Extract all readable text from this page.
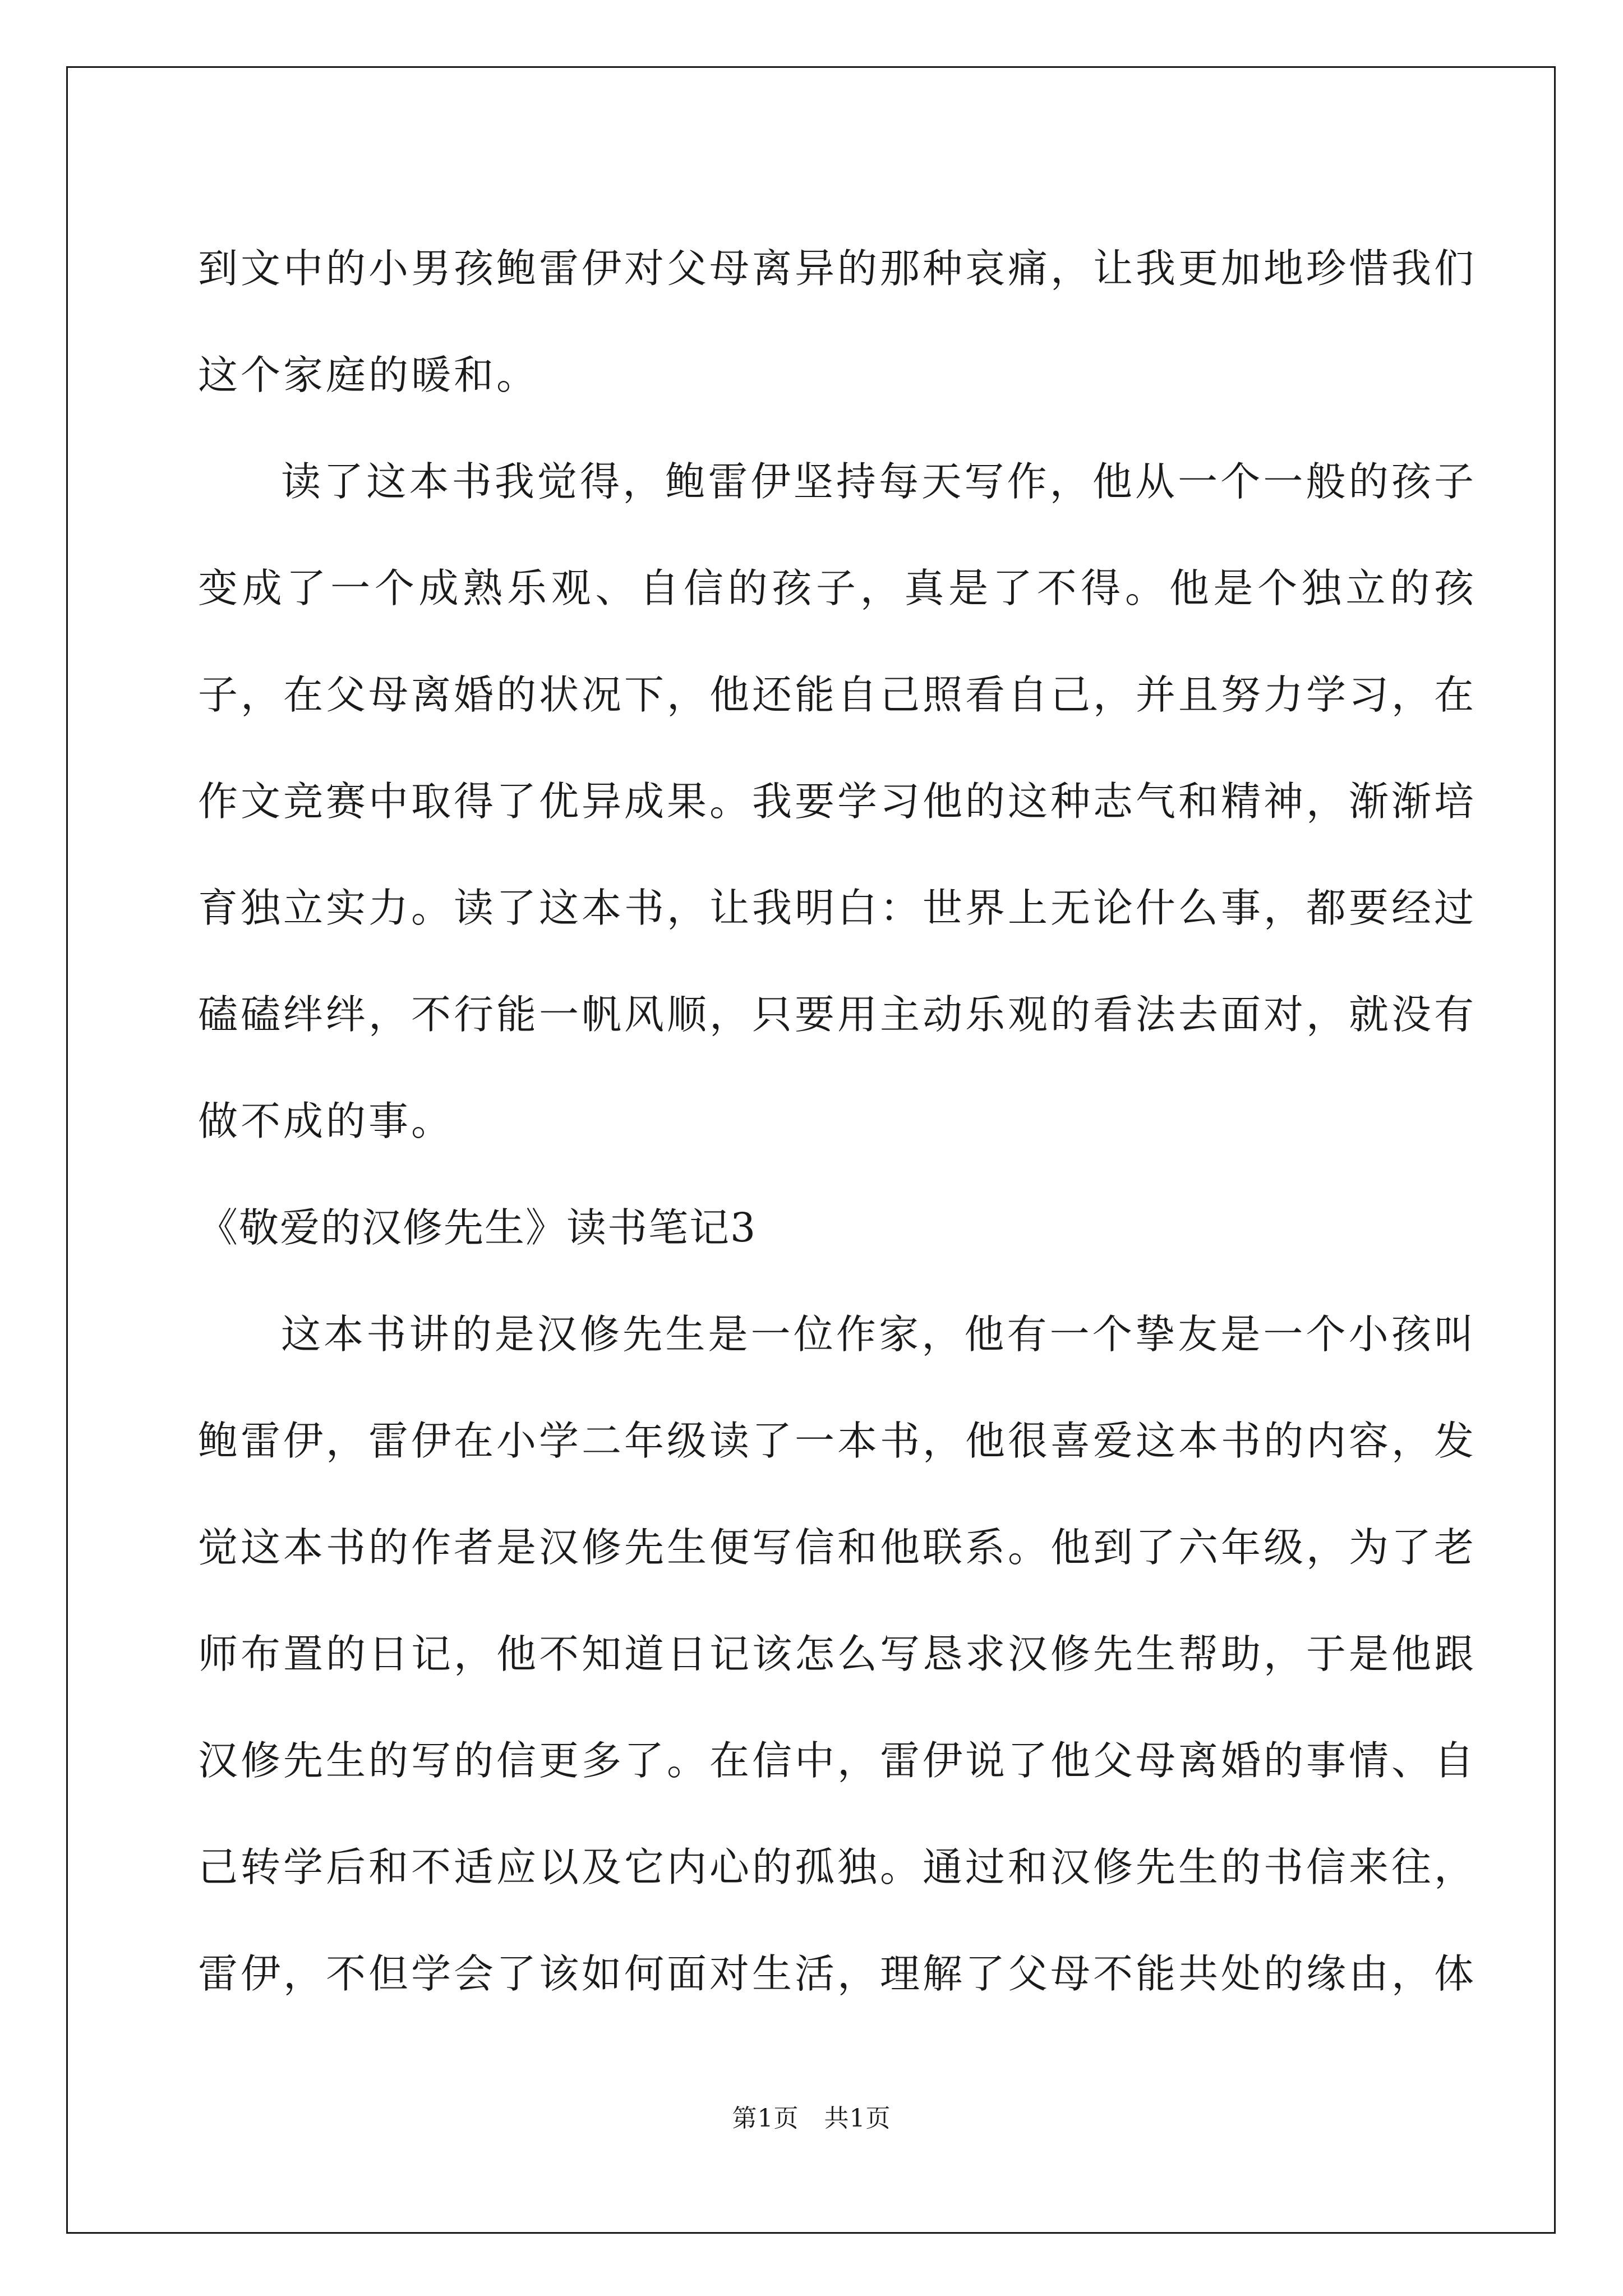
到文中的小男孩鲍雷伊对父母离异的那种哀痛，让我更加地珍惜我们这个家庭的暖和。

读了这本书我觉得，鲍雷伊坚持每天写作，他从一个一般的孩子变成了一个成熟乐观、自信的孩子，真是了不得。他是个独立的孩子，在父母离婚的状况下，他还能自己照看自己，并且努力学习，在作文竞赛中取得了优异成果。我要学习他的这种志气和精神，渐渐培育独立实力。读了这本书，让我明白：世界上无论什么事，都要经过磕磕绊绊，不行能一帆风顺，只要用主动乐观的看法去面对，就没有做不成的事。

《敬爱的汉修先生》读书笔记3

这本书讲的是汉修先生是一位作家，他有一个挚友是一个小孩叫鲍雷伊，雷伊在小学二年级读了一本书，他很喜爱这本书的内容，发觉这本书的作者是汉修先生便写信和他联系。他到了六年级，为了老师布置的日记，他不知道日记该怎么写恳求汉修先生帮助，于是他跟汉修先生的写的信更多了。在信中，雷伊说了他父母离婚的事情、自己转学后和不适应以及它内心的孤独。通过和汉修先生的书信来往，雷伊，不但学会了该如何面对生活，理解了父母不能共处的缘由，体

第1页 共1页
